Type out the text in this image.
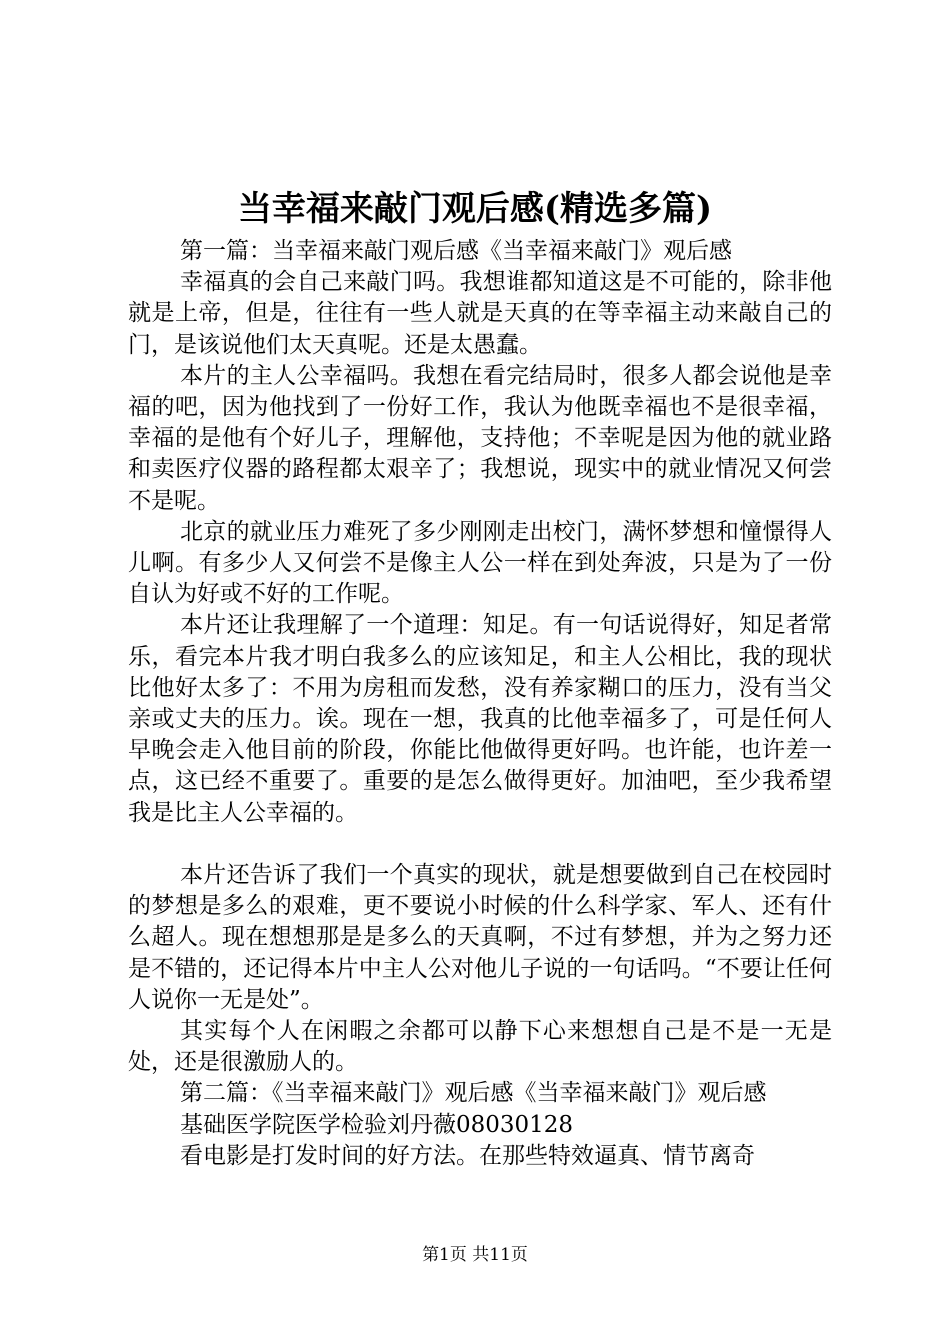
当幸福来敲门观后感(精选多篇)

第一篇：当幸福来敲门观后感《当幸福来敲门》观后感

幸福真的会自己来敲门吗。我想谁都知道这是不可能的，除非他就是上帝，但是，往往有一些人就是天真的在等幸福主动来敲自己的门，是该说他们太天真呢。还是太愚蠢。

本片的主人公幸福吗。我想在看完结局时，很多人都会说他是幸福的吧，因为他找到了一份好工作，我认为他既幸福也不是很幸福，幸福的是他有个好儿子，理解他，支持他；不幸呢是因为他的就业路和卖医疗仪器的路程都太艰辛了；我想说，现实中的就业情况又何尝不是呢。

北京的就业压力难死了多少刚刚走出校门，满怀梦想和憧憬得人儿啊。有多少人又何尝不是像主人公一样在到处奔波，只是为了一份自认为好或不好的工作呢。

本片还让我理解了一个道理：知足。有一句话说得好，知足者常乐，看完本片我才明白我多么的应该知足，和主人公相比，我的现状比他好太多了：不用为房租而发愁，没有养家糊口的压力，没有当父亲或丈夫的压力。诶。现在一想，我真的比他幸福多了，可是任何人早晚会走入他目前的阶段，你能比他做得更好吗。也许能，也许差一点，这已经不重要了。重要的是怎么做得更好。加油吧，至少我希望我是比主人公幸福的。

本片还告诉了我们一个真实的现状，就是想要做到自己在校园时的梦想是多么的艰难，更不要说小时候的什么科学家、军人、还有什么超人。现在想想那是是多么的天真啊，不过有梦想，并为之努力还是不错的，还记得本片中主人公对他儿子说的一句话吗。“不要让任何人说你一无是处”。

其实每个人在闲暇之余都可以静下心来想想自己是不是一无是处，还是很激励人的。

第二篇：《当幸福来敲门》观后感《当幸福来敲门》观后感

基础医学院医学检验刘丹薇08030128

看电影是打发时间的好方法。在那些特效逼真、情节离奇

第1页 共11页
